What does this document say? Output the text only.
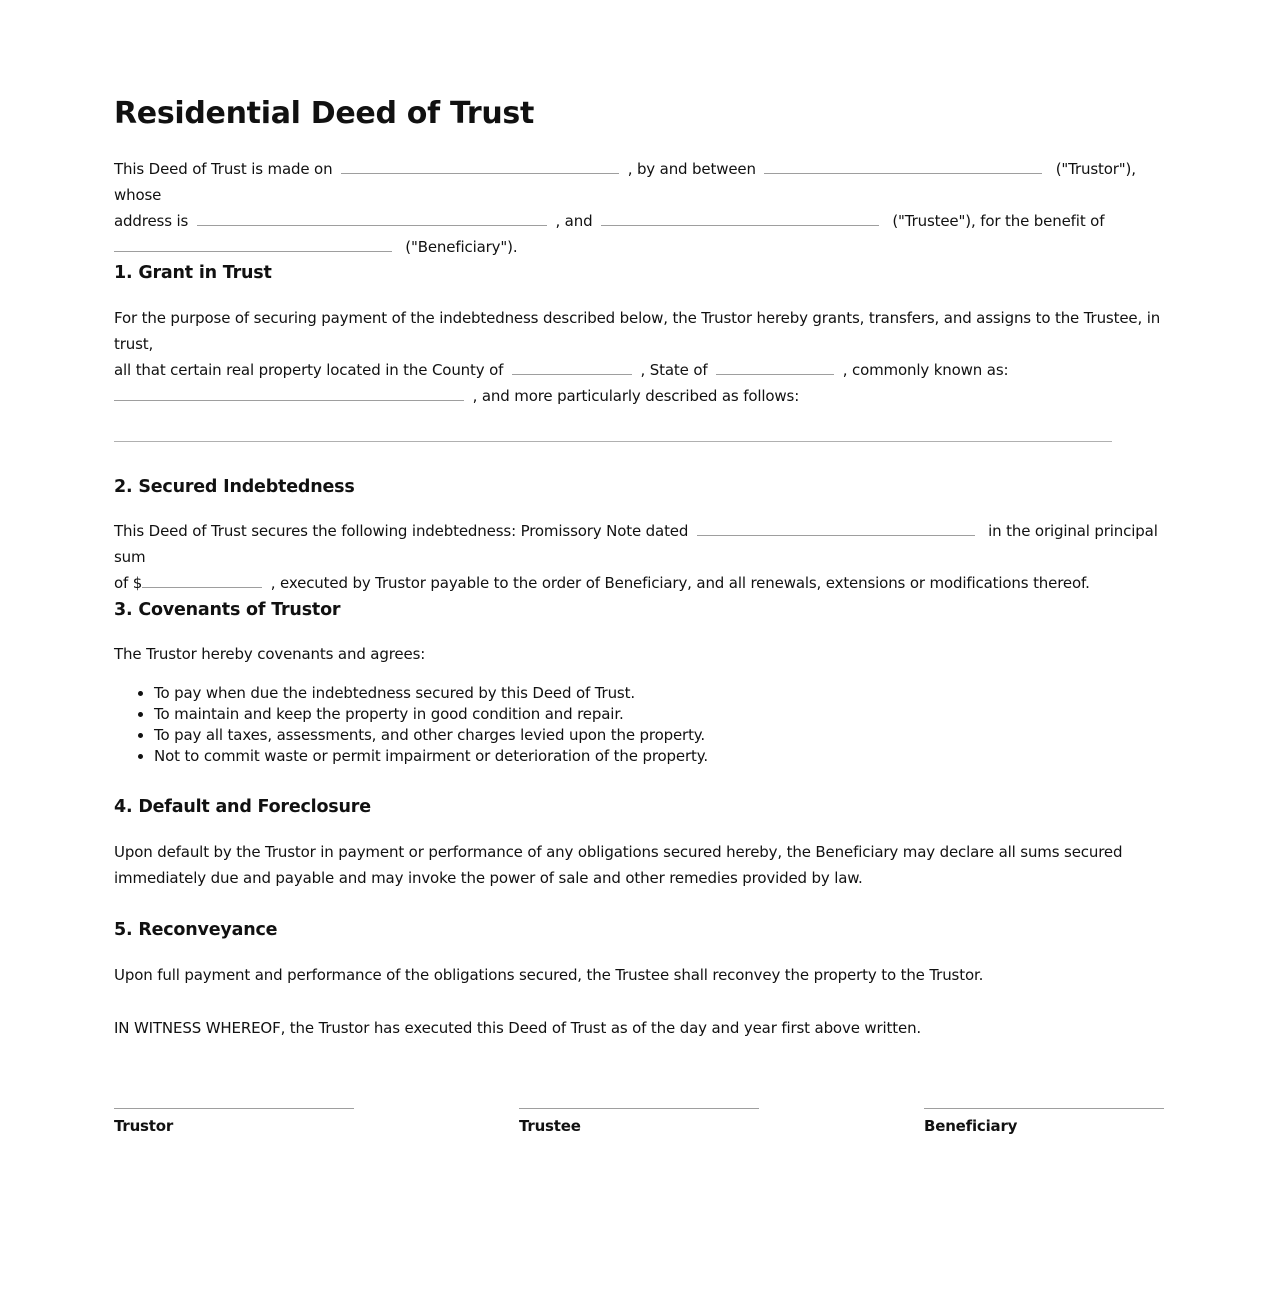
Residential Deed of Trust

This Deed of Trust is made on	, by and between	("Trustor"), whose
address is	, and	("Trustee"), for the benefit of
("Beneficiary").

1. Grant in Trust

For the purpose of securing payment of the indebtedness described below, the Trustor hereby grants, transfers, and assigns to the Trustee, in trust,
all that certain real property located in the County of	, State of	, commonly known as:
, and more particularly described as follows:

2. Secured Indebtedness

This Deed of Trust secures the following indebtedness: Promissory Note dated	in the original principal sum
of $	, executed by Trustor payable to the order of Beneficiary, and all renewals, extensions or modifications thereof.

3. Covenants of Trustor

The Trustor hereby covenants and agrees:

• To pay when due the indebtedness secured by this Deed of Trust.
• To maintain and keep the property in good condition and repair.
• To pay all taxes, assessments, and other charges levied upon the property.
• Not to commit waste or permit impairment or deterioration of the property.
4. Default and Foreclosure

Upon default by the Trustor in payment or performance of any obligations secured hereby, the Beneficiary may declare all sums secured immediately due and payable and may invoke the power of sale and other remedies provided by law.

5. Reconveyance

Upon full payment and performance of the obligations secured, the Trustee shall reconvey the property to the Trustor.

IN WITNESS WHEREOF, the Trustor has executed this Deed of Trust as of the day and year first above written.

Trustor	Trustee	Beneficiary
